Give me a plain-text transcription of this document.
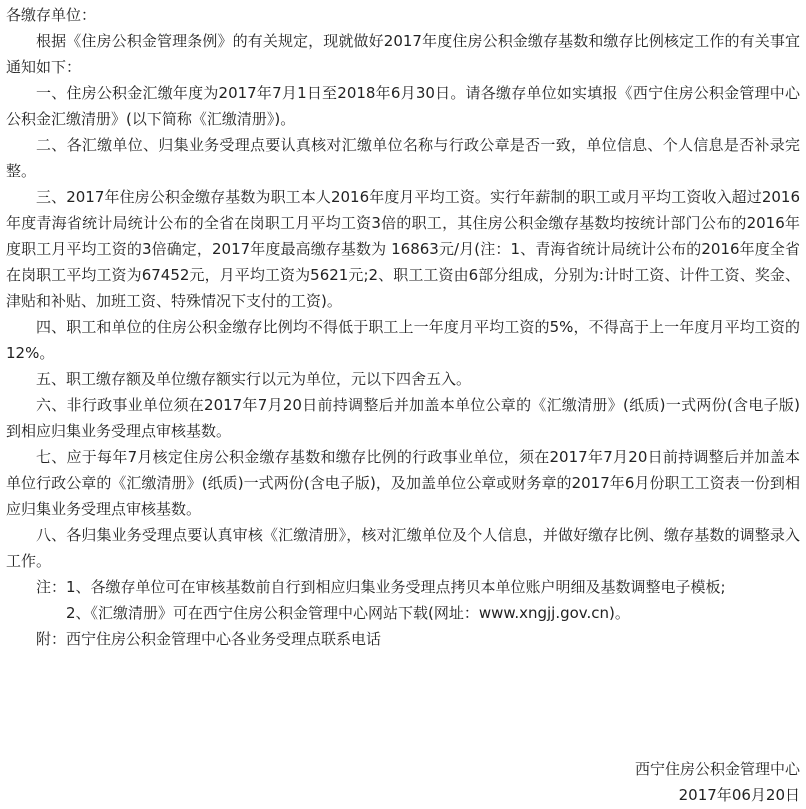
各缴存单位：

根据《住房公积金管理条例》的有关规定，现就做好2017年度住房公积金缴存基数和缴存比例核定工作的有关事宜通知如下：

一、住房公积金汇缴年度为2017年7月1日至2018年6月30日。请各缴存单位如实填报《西宁住房公积金管理中心公积金汇缴清册》(以下简称《汇缴清册》)。

二、各汇缴单位、归集业务受理点要认真核对汇缴单位名称与行政公章是否一致，单位信息、个人信息是否补录完整。

三、2017年住房公积金缴存基数为职工本人2016年度月平均工资。实行年薪制的职工或月平均工资收入超过2016年度青海省统计局统计公布的全省在岗职工月平均工资3倍的职工，其住房公积金缴存基数均按统计部门公布的2016年度职工月平均工资的3倍确定，2017年度最高缴存基数为 16863元/月(注：1、青海省统计局统计公布的2016年度全省在岗职工平均工资为67452元，月平均工资为5621元;2、职工工资由6部分组成，分别为:计时工资、计件工资、奖金、津贴和补贴、加班工资、特殊情况下支付的工资)。

四、职工和单位的住房公积金缴存比例均不得低于职工上一年度月平均工资的5%，不得高于上一年度月平均工资的12%。

五、职工缴存额及单位缴存额实行以元为单位，元以下四舍五入。

六、非行政事业单位须在2017年7月20日前持调整后并加盖本单位公章的《汇缴清册》(纸质)一式两份(含电子版)到相应归集业务受理点审核基数。

七、应于每年7月核定住房公积金缴存基数和缴存比例的行政事业单位，须在2017年7月20日前持调整后并加盖本单位行政公章的《汇缴清册》(纸质)一式两份(含电子版)，及加盖单位公章或财务章的2017年6月份职工工资表一份到相应归集业务受理点审核基数。

八、各归集业务受理点要认真审核《汇缴清册》，核对汇缴单位及个人信息，并做好缴存比例、缴存基数的调整录入工作。

注：1、各缴存单位可在审核基数前自行到相应归集业务受理点拷贝本单位账户明细及基数调整电子模板;

2、《汇缴清册》可在西宁住房公积金管理中心网站下载(网址：www.xngjj.gov.cn)。

附：西宁住房公积金管理中心各业务受理点联系电话

西宁住房公积金管理中心

2017年06月20日
